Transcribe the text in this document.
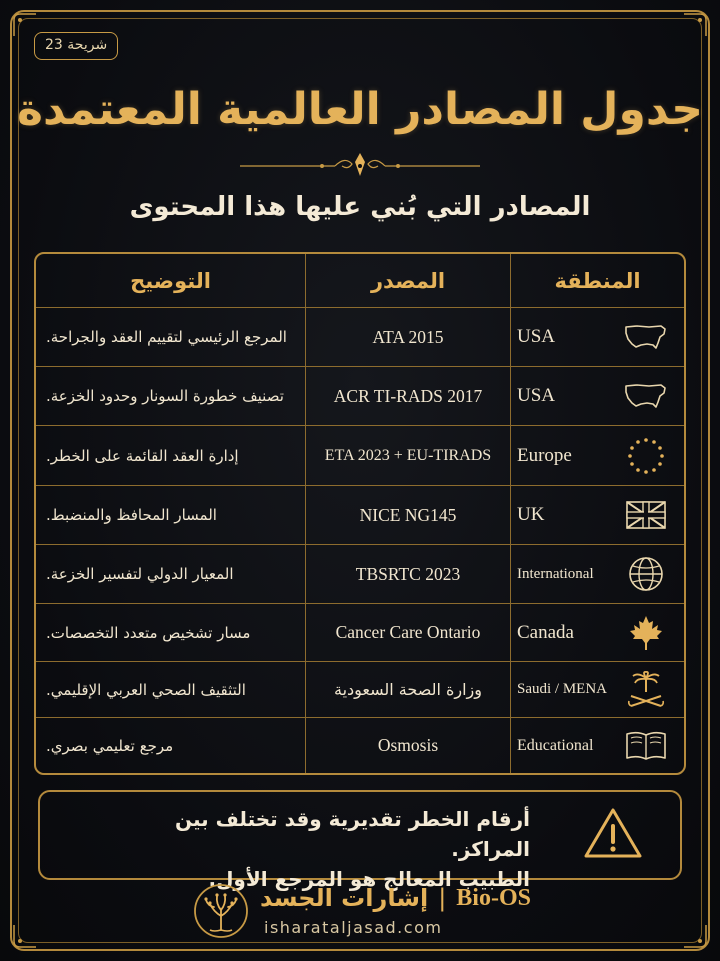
شريحة 23
جدول المصادر العالمية المعتمدة
المصادر التي بُني عليها هذا المحتوى
التوضيح	المصدر	المنطقة
المرجع الرئيسي لتقييم العقد والجراحة.	ATA 2015	USA
تصنيف خطورة السونار وحدود الخزعة.	ACR TI-RADS 2017	USA
إدارة العقد القائمة على الخطر.	ETA 2023 + EU-TIRADS	Europe
المسار المحافظ والمنضبط.	NICE NG145	UK
المعيار الدولي لتفسير الخزعة.	TBSRTC 2023	International
مسار تشخيص متعدد التخصصات.	Cancer Care Ontario	Canada
التثقيف الصحي العربي الإقليمي.	وزارة الصحة السعودية	Saudi / MENA
مرجع تعليمي بصري.	Osmosis	Educational
أرقام الخطر تقديرية وقد تختلف بين المراكز.
الطبيب المعالج هو المرجع الأول.
إشارات الجسد | Bio-OS
isharataljasad.com
